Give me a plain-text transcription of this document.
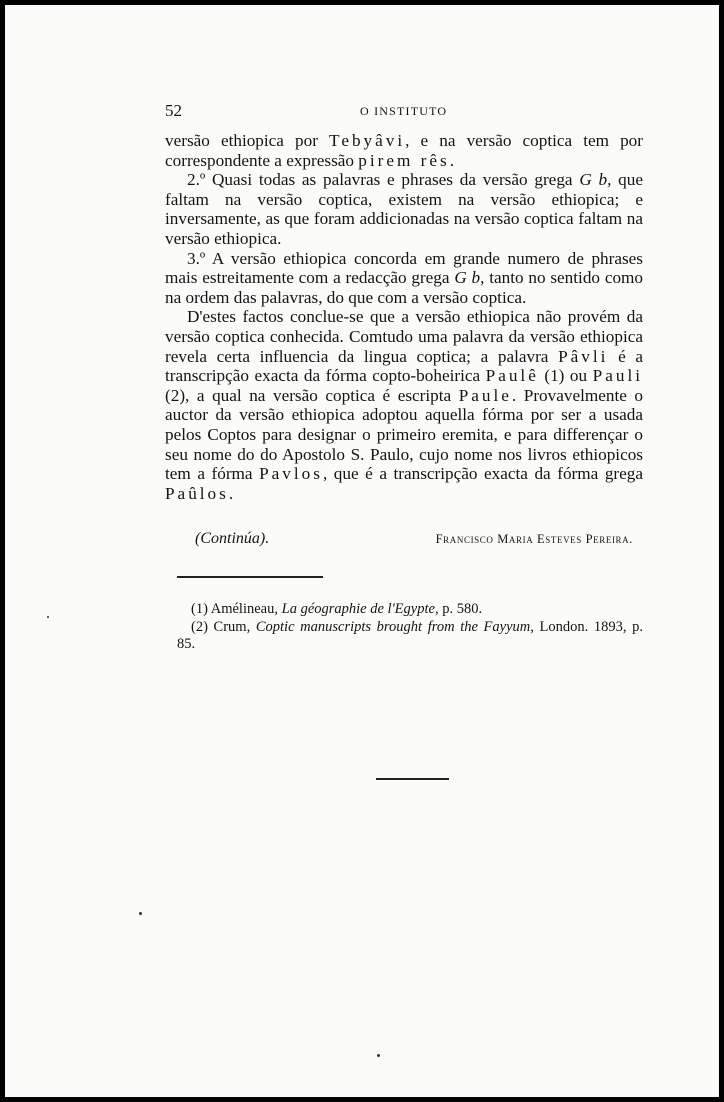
52	O INSTITUTO

versão ethiopica por Tebyâvi, e na versão coptica tem por correspondente a expressão pirem rês.

2.º Quasi todas as palavras e phrases da versão grega G b, que faltam na versão coptica, existem na versão ethiopica; e inversamente, as que foram addicionadas na versão coptica faltam na versão ethiopica.

3.º A versão ethiopica concorda em grande numero de phrases mais estreitamente com a redacção grega G b, tanto no sentido como na ordem das palavras, do que com a versão coptica.

D'estes factos conclue-se que a versão ethiopica não provém da versão coptica conhecida. Comtudo uma palavra da versão ethiopica revela certa influencia da lingua coptica; a palavra Pâvli é a transcripção exacta da fórma copto-boheirica Paulê (1) ou Pauli (2), a qual na versão coptica é escripta Paule. Provavelmente o auctor da versão ethiopica adoptou aquella fórma por ser a usada pelos Coptos para designar o primeiro eremita, e para differençar o seu nome do do Apostolo S. Paulo, cujo nome nos livros ethiopicos tem a fórma Pavlos, que é a transcripção exacta da fórma grega Paûlos.

(Continúa).	Francisco Maria Esteves Pereira.

(1) Amélineau, La géographie de l'Egypte, p. 580.

(2) Crum, Coptic manuscripts brought from the Fayyum, London. 1893, p. 85.
